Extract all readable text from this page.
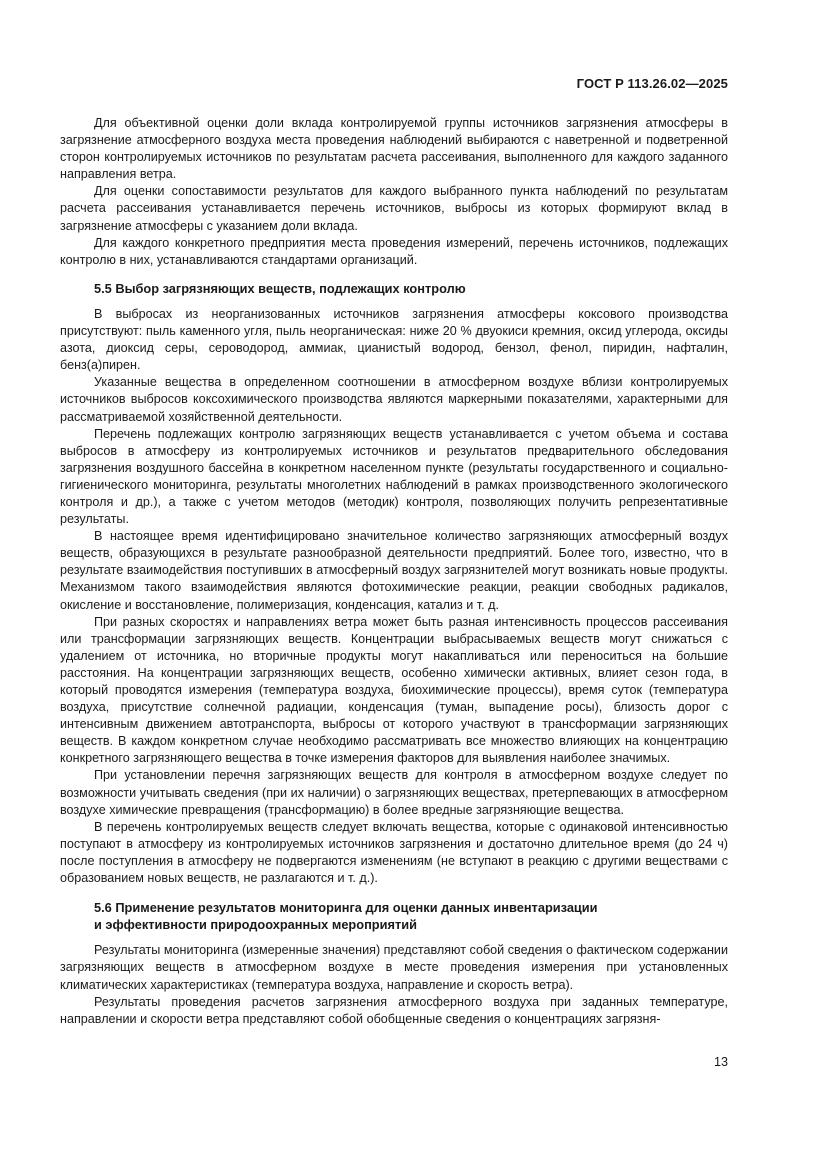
ГОСТ Р 113.26.02—2025

Для объективной оценки доли вклада контролируемой группы источников загрязнения атмосферы в загрязнение атмосферного воздуха места проведения наблюдений выбираются с наветренной и подветренной сторон контролируемых источников по результатам расчета рассеивания, выполненного для каждого заданного направления ветра.

Для оценки сопоставимости результатов для каждого выбранного пункта наблюдений по результатам расчета рассеивания устанавливается перечень источников, выбросы из которых формируют вклад в загрязнение атмосферы с указанием доли вклада.

Для каждого конкретного предприятия места проведения измерений, перечень источников, подлежащих контролю в них, устанавливаются стандартами организаций.

5.5 Выбор загрязняющих веществ, подлежащих контролю

В выбросах из неорганизованных источников загрязнения атмосферы коксового производства присутствуют: пыль каменного угля, пыль неорганическая: ниже 20 % двуокиси кремния, оксид углерода, оксиды азота, диоксид серы, сероводород, аммиак, цианистый водород, бензол, фенол, пиридин, нафталин, бенз(а)пирен.

Указанные вещества в определенном соотношении в атмосферном воздухе вблизи контролируемых источников выбросов коксохимического производства являются маркерными показателями, характерными для рассматриваемой хозяйственной деятельности.

Перечень подлежащих контролю загрязняющих веществ устанавливается с учетом объема и состава выбросов в атмосферу из контролируемых источников и результатов предварительного обследования загрязнения воздушного бассейна в конкретном населенном пункте (результаты государственного и социально-гигиенического мониторинга, результаты многолетних наблюдений в рамках производственного экологического контроля и др.), а также с учетом методов (методик) контроля, позволяющих получить репрезентативные результаты.

В настоящее время идентифицировано значительное количество загрязняющих атмосферный воздух веществ, образующихся в результате разнообразной деятельности предприятий. Более того, известно, что в результате взаимодействия поступивших в атмосферный воздух загрязнителей могут возникать новые продукты. Механизмом такого взаимодействия являются фотохимические реакции, реакции свободных радикалов, окисление и восстановление, полимеризация, конденсация, катализ и т. д.

При разных скоростях и направлениях ветра может быть разная интенсивность процессов рассеивания или трансформации загрязняющих веществ. Концентрации выбрасываемых веществ могут снижаться с удалением от источника, но вторичные продукты могут накапливаться или переноситься на большие расстояния. На концентрации загрязняющих веществ, особенно химически активных, влияет сезон года, в который проводятся измерения (температура воздуха, биохимические процессы), время суток (температура воздуха, присутствие солнечной радиации, конденсация (туман, выпадение росы), близость дорог с интенсивным движением автотранспорта, выбросы от которого участвуют в трансформации загрязняющих веществ. В каждом конкретном случае необходимо рассматривать все множество влияющих на концентрацию конкретного загрязняющего вещества в точке измерения факторов для выявления наиболее значимых.

При установлении перечня загрязняющих веществ для контроля в атмосферном воздухе следует по возможности учитывать сведения (при их наличии) о загрязняющих веществах, претерпевающих в атмосферном воздухе химические превращения (трансформацию) в более вредные загрязняющие вещества.

В перечень контролируемых веществ следует включать вещества, которые с одинаковой интенсивностью поступают в атмосферу из контролируемых источников загрязнения и достаточно длительное время (до 24 ч) после поступления в атмосферу не подвергаются изменениям (не вступают в реакцию с другими веществами с образованием новых веществ, не разлагаются и т. д.).

5.6 Применение результатов мониторинга для оценки данных инвентаризации
и эффективности природоохранных мероприятий

Результаты мониторинга (измеренные значения) представляют собой сведения о фактическом содержании загрязняющих веществ в атмосферном воздухе в месте проведения измерения при установленных климатических характеристиках (температура воздуха, направление и скорость ветра).

Результаты проведения расчетов загрязнения атмосферного воздуха при заданных температуре, направлении и скорости ветра представляют собой обобщенные сведения о концентрациях загрязня-

13
